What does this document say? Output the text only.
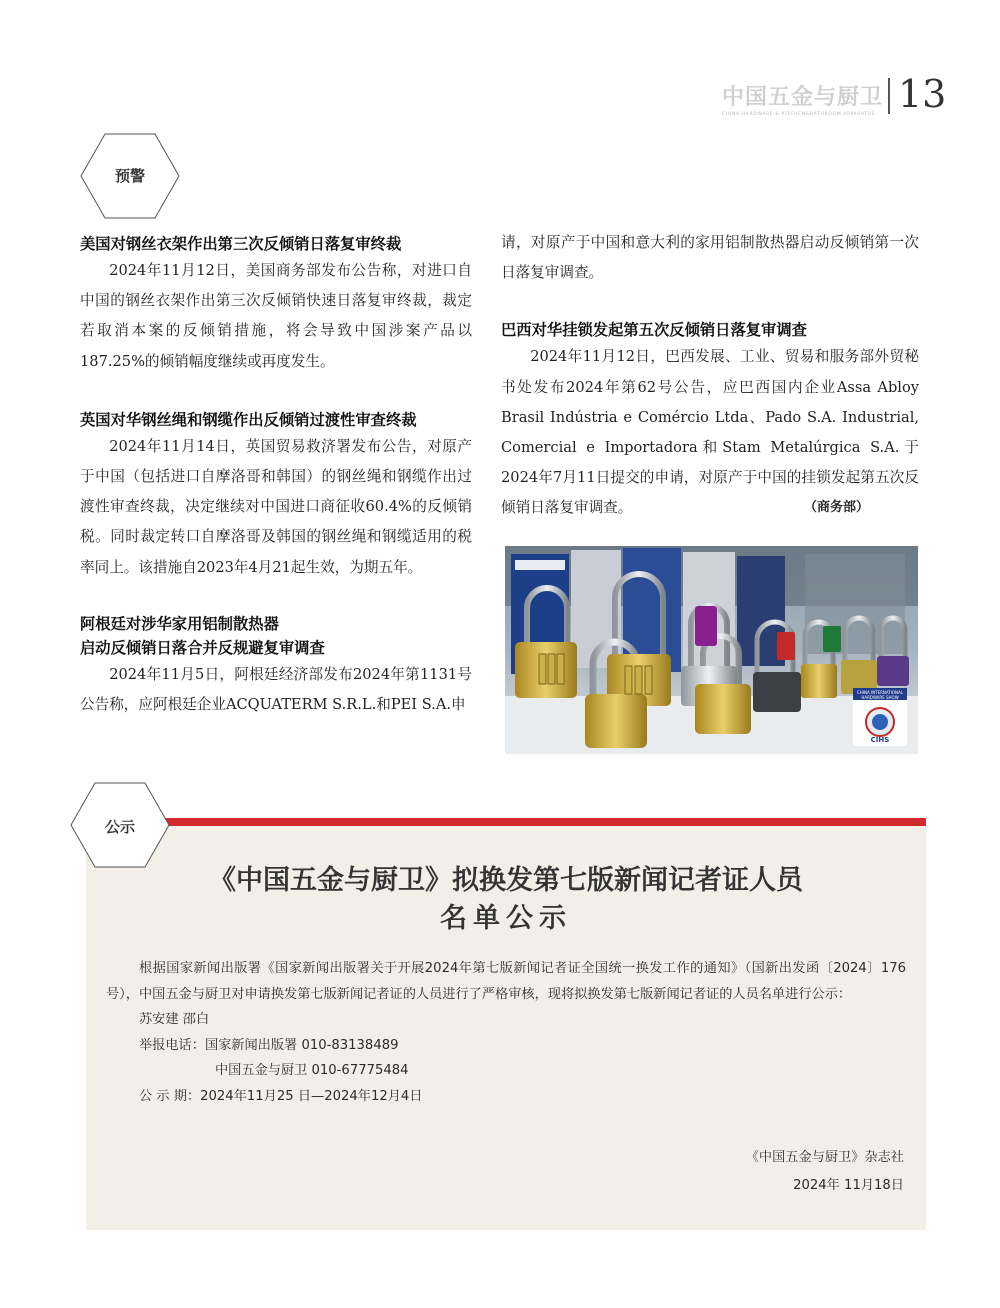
中国五金与厨卫
CHINA HARDWARE & KITCHEN&BATHROOM APPARATUS 13
预警
美国对钢丝衣架作出第三次反倾销日落复审终裁

2024年11月12日，美国商务部发布公告称，对进口自中国的钢丝衣架作出第三次反倾销快速日落复审终裁，裁定若取消本案的反倾销措施，将会导致中国涉案产品以187.25%的倾销幅度继续或再度发生。

英国对华钢丝绳和钢缆作出反倾销过渡性审查终裁

2024年11月14日，英国贸易救济署发布公告，对原产于中国（包括进口自摩洛哥和韩国）的钢丝绳和钢缆作出过渡性审查终裁，决定继续对中国进口商征收60.4%的反倾销税。同时裁定转口自摩洛哥及韩国的钢丝绳和钢缆适用的税率同上。该措施自2023年4月21起生效，为期五年。

阿根廷对涉华家用铝制散热器
启动反倾销日落合并反规避复审调查

2024年11月5日，阿根廷经济部发布2024年第1131号公告称，应阿根廷企业ACQUATERM S.R.L.和PEI S.A.申

请，对原产于中国和意大利的家用铝制散热器启动反倾销第一次日落复审调查。

巴西对华挂锁发起第五次反倾销日落复审调查

2024年11月12日，巴西发展、工业、贸易和服务部外贸秘书处发布2024年第62号公告，应巴西国内企业Assa Abloy Brasil Indústria e Comércio Ltda、Pado S.A. Industrial, Comercial e Importadora和Stam Metalúrgica S.A.于2024年7月11日提交的申请，对原产于中国的挂锁发起第五次反倾销日落复审调查。	（商务部）

CHINA INTERNATIONAL
HARDWARE SHOW
CIHS
公示
《中国五金与厨卫》拟换发第七版新闻记者证人员
名单公示

根据国家新闻出版署《国家新闻出版署关于开展2024年第七版新闻记者证全国统一换发工作的通知》（国新出发函〔2024〕176号），中国五金与厨卫对申请换发第七版新闻记者证的人员进行了严格审核，现将拟换发第七版新闻记者证的人员名单进行公示：

苏安建 邵白
举报电话：国家新闻出版署 010-83138489
中国五金与厨卫 010-67775484
公 示 期：2024年11月25 日—2024年12月4日
《中国五金与厨卫》杂志社
2024年 11月18日
